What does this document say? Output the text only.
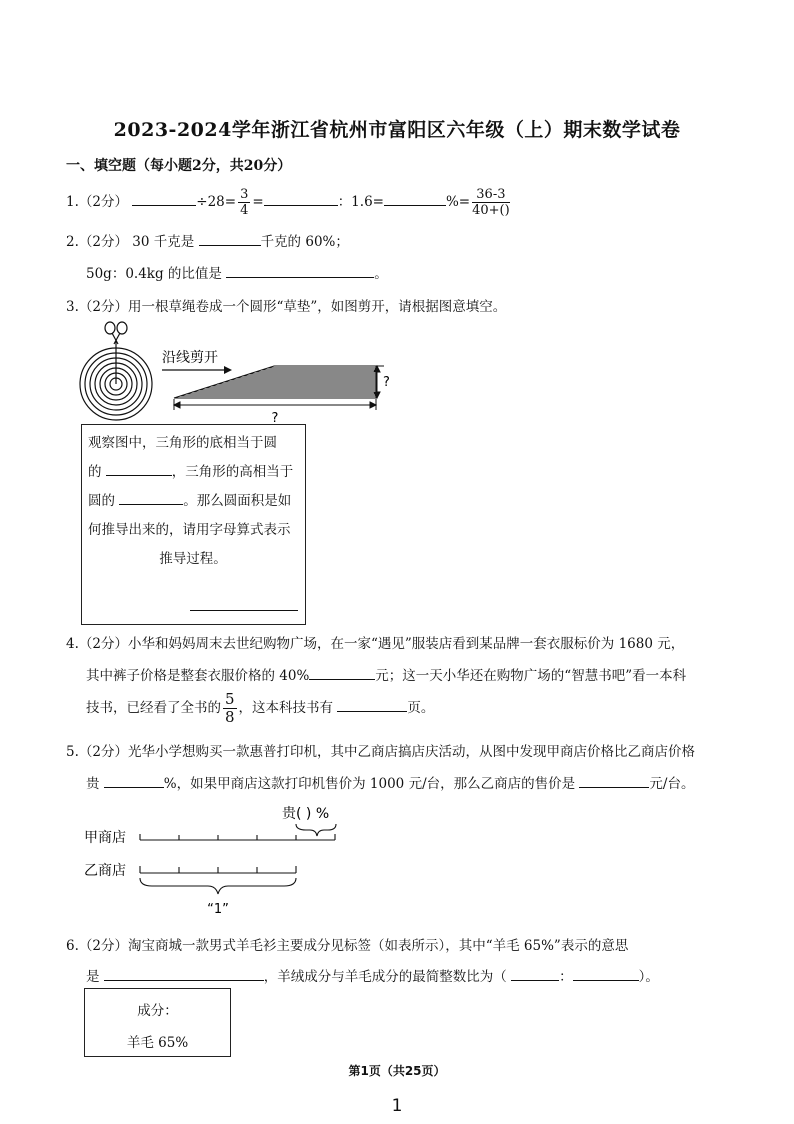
2023-2024学年浙江省杭州市富阳区六年级（上）期末数学试卷
一、填空题（每小题2分，共20分）
1.（2分）	$\div 28= \frac{3}{4}$ =	：1.6=	%= $\frac{36-3}{40+()}$
2.（2分） 30 千克是	千克的 60%；
50g：0.4kg 的比值是	。
3.（2分）用一根草绳卷成一个圆形“草垫”，如图剪开，请根据图意填空。
沿线剪开
?
?
观察图中，三角形的底相当于圆
的	，三角形的高相当于
圆的	。那么圆面积是如
何推导出来的，请用字母算式表示
推导过程。
4.（2分）小华和妈妈周末去世纪购物广场，在一家“遇见”服装店看到某品牌一套衣服标价为 1680 元，
其中裤子价格是整套衣服价格的 40%	元；这一天小华还在购物广场的“智慧书吧”看一本科
技书，已经看了全书的 $\frac{5}{8}$ ，这本科技书有	页。
5.（2分）光华小学想购买一款惠普打印机，其中乙商店搞店庆活动，从图中发现甲商店价格比乙商店价格
贵	%，如果甲商店这款打印机售价为 1000 元/台，那么乙商店的售价是	元/台。
贵( ) %
甲商店
乙商店
“1”
6.（2分）淘宝商城一款男式羊毛衫主要成分见标签（如表所示），其中“羊毛 65%”表示的意思
是	，羊绒成分与羊毛成分的最简整数比为（	：	）。
成分：
羊毛 65%
第1页（共25页）
1
